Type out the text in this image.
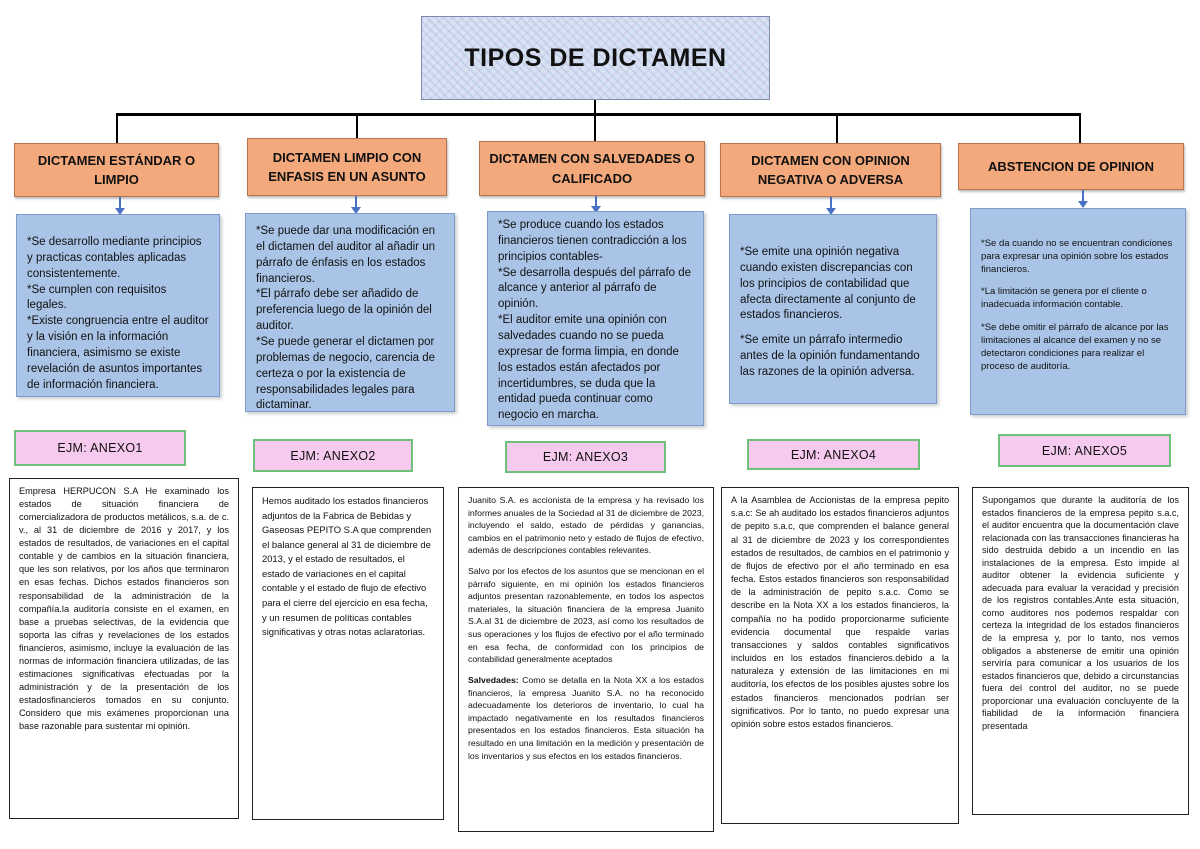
TIPOS DE DICTAMEN
DICTAMEN ESTÁNDAR O LIMPIO
DICTAMEN LIMPIO CON ENFASIS EN UN ASUNTO
DICTAMEN CON SALVEDADES O CALIFICADO
DICTAMEN CON OPINION NEGATIVA O ADVERSA
ABSTENCION DE OPINION

*Se desarrollo mediante principios y practicas contables aplicadas consistentemente.

*Se cumplen con requisitos legales.

*Existe congruencia entre el auditor y la visión en la información financiera, asimismo se existe revelación de asuntos importantes de información financiera.

*Se puede dar una modificación en el dictamen del auditor al añadir un párrafo de énfasis en los estados financieros.

*El párrafo debe ser añadido de preferencia luego de la opinión del auditor.

*Se puede generar el dictamen por problemas de negocio, carencia de certeza o por la existencia de responsabilidades legales para dictaminar.

*Se produce cuando los estados financieros tienen contradicción a los principios contables-

*Se desarrolla después del párrafo de alcance y anterior al párrafo de opinión.

*El auditor emite una opinión con salvedades cuando no se pueda expresar de forma limpia, en donde los estados están afectados por incertidumbres, se duda que la entidad pueda continuar como negocio en marcha.

*Se emite una opinión negativa cuando existen discrepancias con los principios de contabilidad que afecta directamente al conjunto de estados financieros.

*Se emite un párrafo intermedio antes de la opinión fundamentando las razones de la opinión adversa.

*Se da cuando no se encuentran condiciones para expresar una opinión sobre los estados financieros.

*La limitación se genera por el cliente o inadecuada información contable.

*Se debe omitir el párrafo de alcance por las limitaciones al alcance del examen y no se detectaron condiciones para realizar el proceso de auditoría.

EJM: ANEXO1
EJM: ANEXO2	EJM: ANEXO3	EJM: ANEXO4	EJM: ANEXO5

Empresa HERPUCON S.A He examinado los estados de situación financiera de comercializadora de productos metálicos, s.a. de c. v., al 31 de diciembre de 2016 y 2017, y los estados de resultados, de variaciones en el capital contable y de cambios en la situación financiera, que les son relativos, por los años que terminaron en esas fechas. Dichos estados financieros son responsabilidad de la administración de la compañía.la auditoría consiste en el examen, en base a pruebas selectivas, de la evidencia que soporta las cifras y revelaciones de los estados financieros, asimismo, incluye la evaluación de las normas de información financiera utilizadas, de las estimaciones significativas efectuadas por la administración y de la presentación de los estadosfinancieros tomados en su conjunto. Considero que mis exámenes proporcionan una base razonable para sustentar mi opinión.

Hemos auditado los estados financieros adjuntos de la Fabrica de Bebidas y Gaseosas PEPITO S.A que comprenden el balance general al 31 de diciembre de 2013, y el estado de resultados, el estado de variaciones en el capital contable y el estado de flujo de efectivo para el cierre del ejercicio en esa fecha, y un resumen de políticas contables significativas y otras notas aclaratorias.

Juanito S.A. es accionista de la empresa y ha revisado los informes anuales de la Sociedad al 31 de diciembre de 2023, incluyendo el saldo, estado de pérdidas y ganancias, cambios en el patrimonio neto y estado de flujos de efectivo, además de descripciones contables relevantes.

Salvo por los efectos de los asuntos que se mencionan en el párrafo siguiente, en mi opinión los estados financieros adjuntos presentan razonablemente, en todos los aspectos materiales, la situación financiera de la empresa Juanito S.A.al 31 de diciembre de 2023, así como los resultados de sus operaciones y los flujos de efectivo por el año terminado en esa fecha, de conformidad con los principios de contabilidad generalmente aceptados

Salvedades: Como se detalla en la Nota XX a los estados financieros, la empresa Juanito S.A. no ha reconocido adecuadamente los deterioros de inventario, lo cual ha impactado negativamente en los resultados financieros presentados en los estados financieros. Esta situación ha resultado en una limitación en la medición y presentación de los inventarios y sus efectos en los estados financieros.

A la Asamblea de Accionistas de la empresa pepito s.a.c: Se ah auditado los estados financieros adjuntos de pepito s.a.c, que comprenden el balance general al 31 de diciembre de 2023 y los correspondientes estados de resultados, de cambios en el patrimonio y de flujos de efectivo por el año terminado en esa fecha. Estos estados financieros son responsabilidad de la administración de pepito s.a.c. Como se describe en la Nota XX a los estados financieros, la compañía no ha podido proporcionarme suficiente evidencia documental que respalde varias transacciones y saldos contables significativos incluidos en los estados financieros.debido a la naturaleza y extensión de las limitaciones en mi auditoría, los efectos de los posibles ajustes sobre los estados financieros mencionados podrían ser significativos. Por lo tanto, no puedo expresar una opinión sobre estos estados financieros.

Supongamos que durante la auditoría de los estados financieros de la empresa pepito s.a.c, el auditor encuentra que la documentación clave relacionada con las transacciones financieras ha sido destruida debido a un incendio en las instalaciones de la empresa. Esto impide al auditor obtener la evidencia suficiente y adecuada para evaluar la veracidad y precisión de los registros contables.Ante esta situación, como auditores nos podemos respaldar con certeza la integridad de los estados financieros de la empresa y, por lo tanto, nos vemos obligados a abstenerse de emitir una opinión serviría para comunicar a los usuarios de los estados financieros que, debido a circunstancias fuera del control del auditor, no se puede proporcionar una evaluación concluyente de la fiabilidad de la información financiera presentada
